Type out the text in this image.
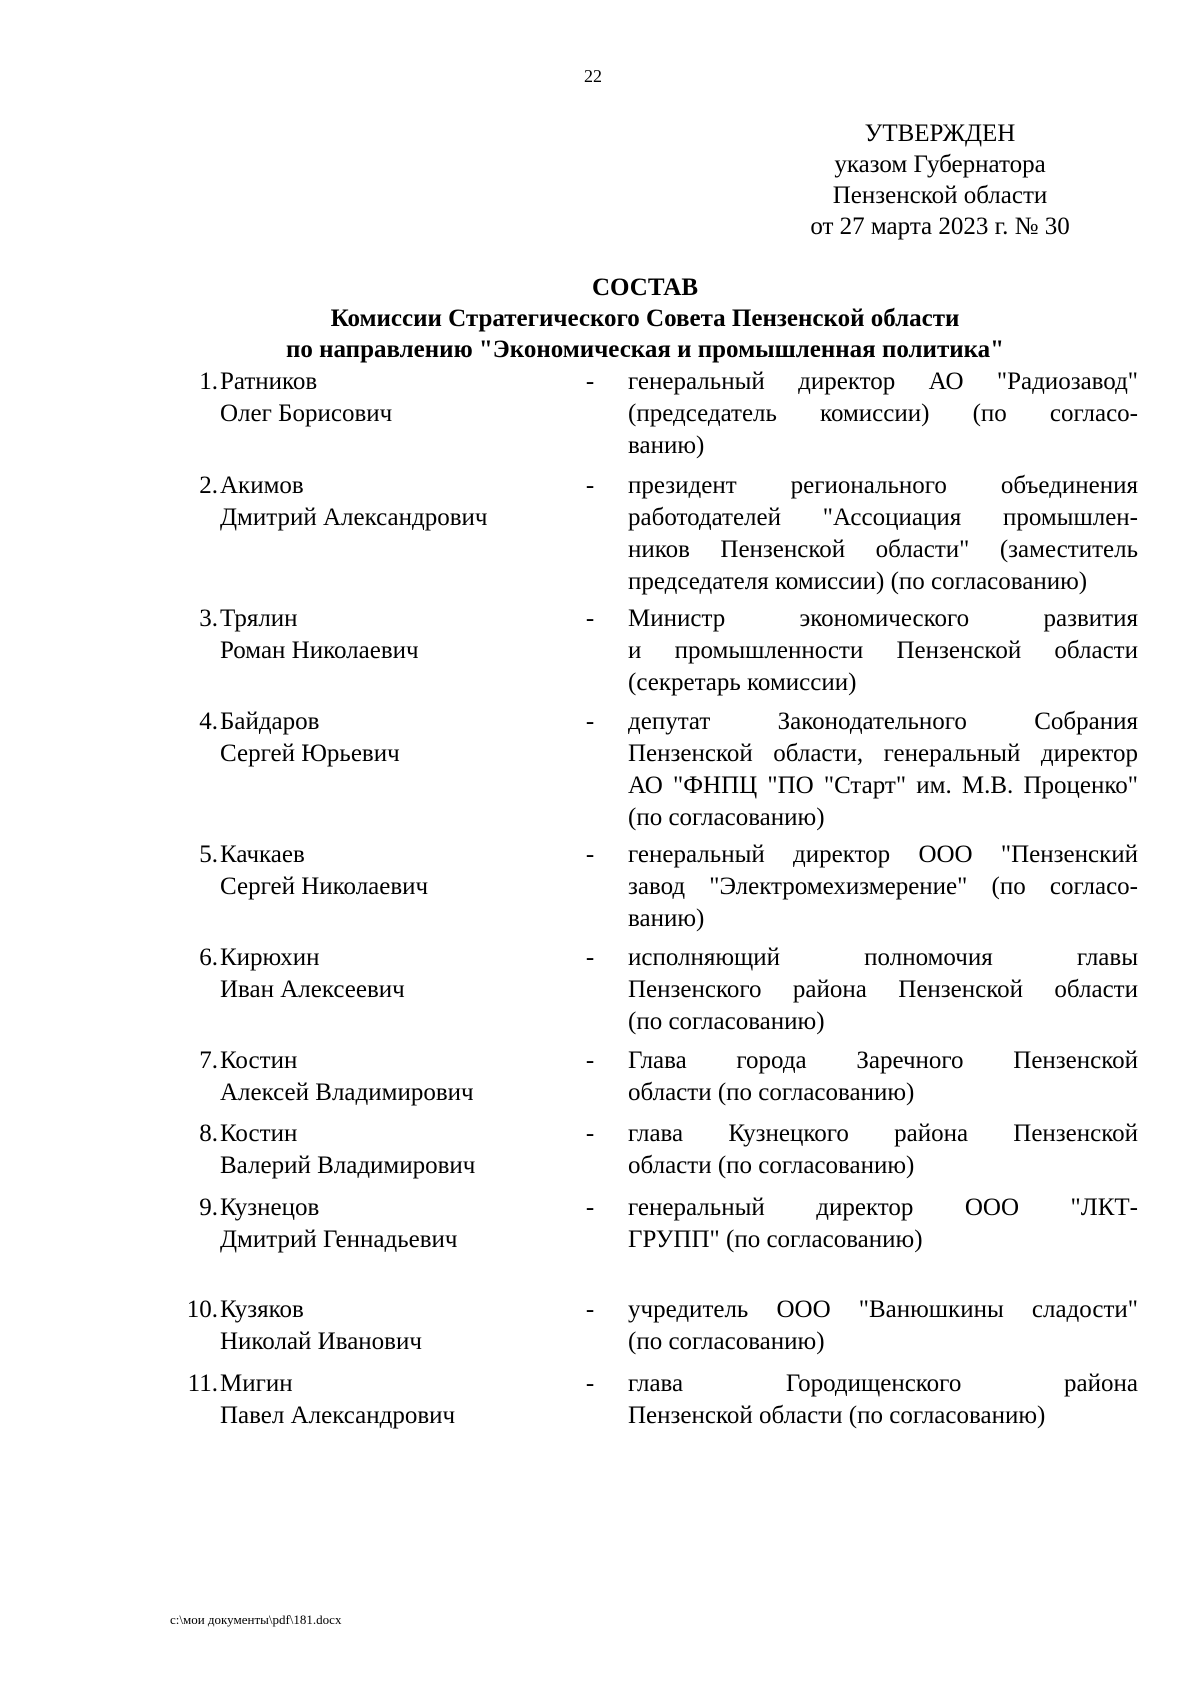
22
УТВЕРЖДЕН
указом Губернатора
Пензенской области
от 27 марта 2023 г. № 30
СОСТАВ
Комиссии Стратегического Совета Пензенской области
по направлению "Экономическая и промышленная политика"
1. Ратников
Олег Борисович
- генеральный директор АО "Радиозавод"
(председатель комиссии) (по согласо-
ванию)
2. Акимов
Дмитрий Александрович
- президент регионального объединения
работодателей "Ассоциация промышлен-
ников Пензенской области" (заместитель
председателя комиссии) (по согласованию)
3. Трялин
Роман Николаевич
- Министр экономического развития
и промышленности Пензенской области
(секретарь комиссии)
4. Байдаров
Сергей Юрьевич
- депутат Законодательного Собрания
Пензенской области, генеральный директор
АО "ФНПЦ "ПО "Старт" им. М.В. Проценко"
(по согласованию)
5. Качкаев
Сергей Николаевич
- генеральный директор ООО "Пензенский
завод "Электромехизмерение" (по согласо-
ванию)
6. Кирюхин
Иван Алексеевич
- исполняющий полномочия главы
Пензенского района Пензенской области
(по согласованию)
7. Костин
Алексей Владимирович
- Глава города Заречного Пензенской
области (по согласованию)
8. Костин
Валерий Владимирович
- глава Кузнецкого района Пензенской
области (по согласованию)
9. Кузнецов
Дмитрий Геннадьевич
- генеральный директор ООО "ЛКТ-
ГРУПП" (по согласованию)
10. Кузяков
Николай Иванович
- учредитель ООО "Ванюшкины сладости"
(по согласованию)
11. Мигин
Павел Александрович
- глава Городищенского района
Пензенской области (по согласованию)
c:\мои документы\pdf\181.docx
